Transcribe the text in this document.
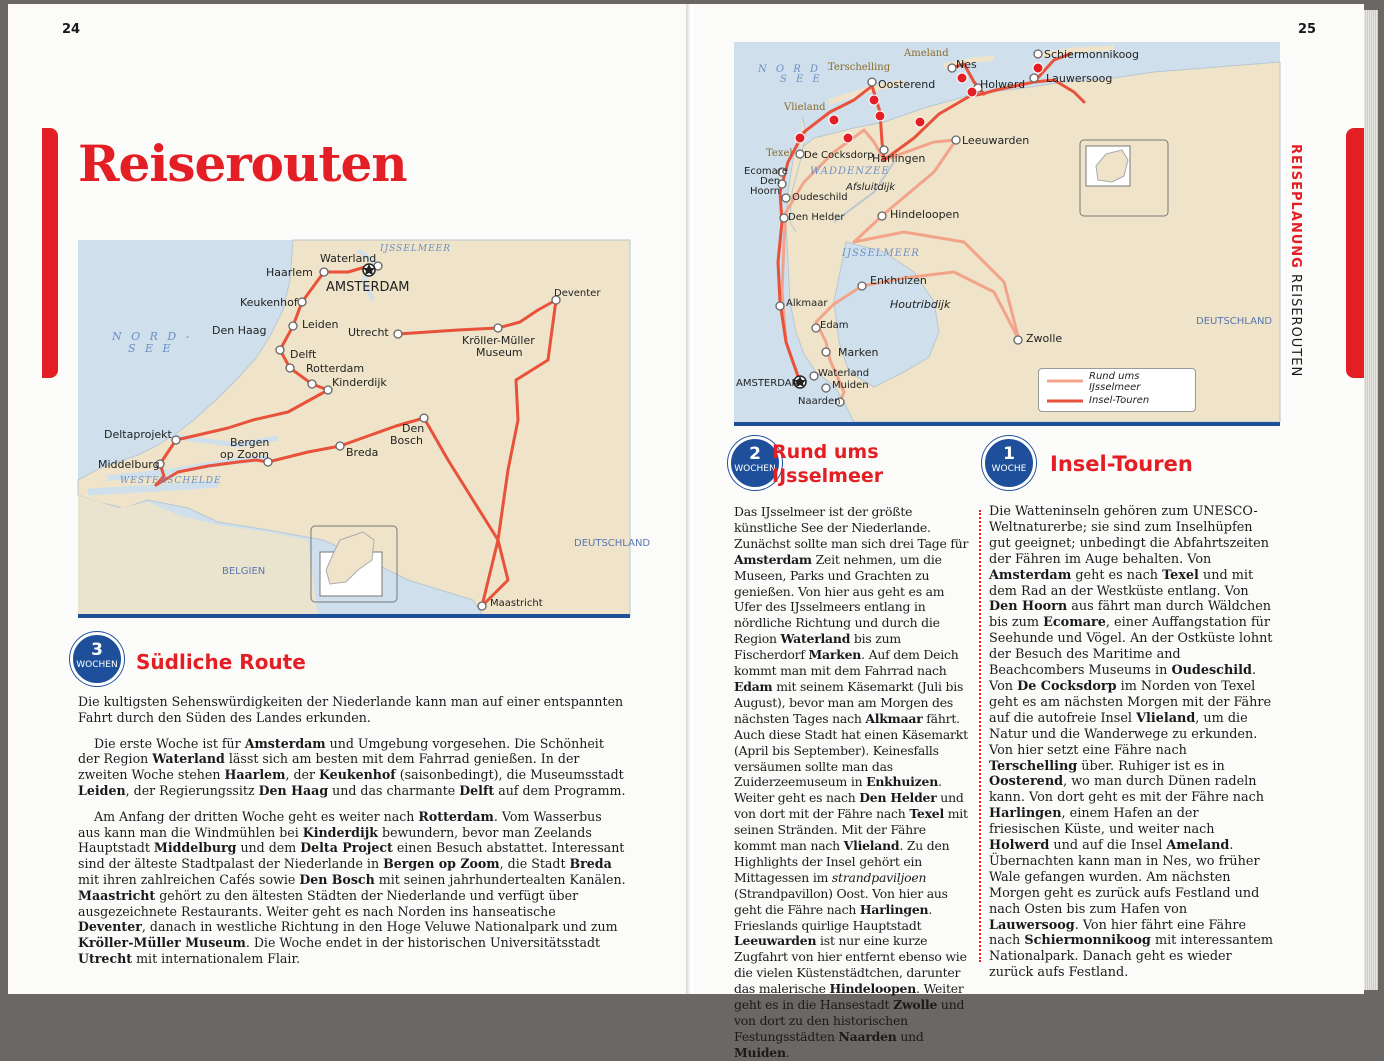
24
Reiserouten
Waterland
Haarlem
AMSTERDAM
Keukenhof
Den Haag	Leiden
Utrecht
Kröller-Müller
Museum
Deventer
Delft
Rotterdam
Kinderdijk
Deltaprojekt
Middelburg
Bergen
op Zoom	Breda
Den
Bosch
Maastricht
N O R D -
S E E
IJSSELMEER
WESTERSCHELDE
BELGIEN
DEUTSCHLAND
3
WOCHEN Südliche Route

Die kultigsten Sehenswürdigkeiten der Niederlande kann man auf einer entspannten Fahrt durch den Süden des Landes erkunden.

Die erste Woche ist für Amsterdam und Umgebung vorgesehen. Die Schönheit der Region Waterland lässt sich am besten mit dem Fahrrad genießen. In der zweiten Woche stehen Haarlem, der Keukenhof (saisonbedingt), die Museumsstadt Leiden, der Regierungssitz Den Haag und das charmante Delft auf dem Programm.

Am Anfang der dritten Woche geht es weiter nach Rotterdam. Vom Wasserbus aus kann man die Windmühlen bei Kinderdijk bewundern, bevor man Zeelands Hauptstadt Middelburg und dem Delta Project einen Besuch abstattet. Interessant sind der älteste Stadtpalast der Niederlande in Bergen op Zoom, die Stadt Breda mit ihren zahlreichen Cafés sowie Den Bosch mit seinen jahrhundertealten Kanälen. Maastricht gehört zu den ältesten Städten der Niederlande und verfügt über ausgezeichnete Restaurants. Weiter geht es nach Norden ins hanseatische Deventer, danach in westliche Richtung in den Hoge Veluwe Nationalpark und zum Kröller-Müller Museum. Die Woche endet in der historischen Universitätsstadt Utrecht mit internationalem Flair.

25
REISEPLANUNG REISEROUTEN
Schiermonnikoog
Ameland
Nes
Holwerd Lauwersoog
Terschelling
Oosterend
Vlieland
Texel De Cocksdorp
Harlingen
Leeuwarden
Ecomare
Den
Hoorn
Oudeschild
Afsluitdijk
Den Helder	Hindeloopen
Enkhuizen
Houtribdijk
Alkmaar
Edam
Marken
Zwolle
AMSTERDAM
Waterland
Muiden
Naarden
N O R D -
S E E
WADDENZEE
IJSSELMEER
DEUTSCHLAND
Rund ums
IJsselmeer
Insel-Touren
2
WOCHEN
Rund ums
IJsselmeer
1
WOCHE	Insel-Touren
Das IJsselmeer ist der größte künstliche See der Niederlande. Zunächst sollte man sich drei Tage für Amsterdam Zeit nehmen, um die Museen, Parks und Grachten zu genießen. Von hier aus geht es am Ufer des IJsselmeers entlang in nördliche Richtung und durch die Region Waterland bis zum Fischerdorf Marken. Auf dem Deich kommt man mit dem Fahrrad nach Edam mit seinem Käsemarkt (Juli bis August), bevor man am Morgen des nächsten Tages nach Alkmaar fährt. Auch diese Stadt hat einen Käsemarkt (April bis September). Keinesfalls versäumen sollte man das Zuiderzeemuseum in Enkhuizen. Weiter geht es nach Den Helder und von dort mit der Fähre nach Texel mit seinen Stränden. Mit der Fähre kommt man nach Vlieland. Zu den Highlights der Insel gehört ein Mittagessen im strandpaviljoen (Strandpavillon) Oost. Von hier aus geht die Fähre nach Harlingen. Frieslands quirlige Hauptstadt Leeuwarden ist nur eine kurze Zugfahrt von hier entfernt ebenso wie die vielen Küstenstädtchen, darunter das malerische Hindeloopen. Weiter geht es in die Hansestadt Zwolle und von dort zu den historischen Festungsstädten Naarden und Muiden.
Die Watteninseln gehören zum UNESCO-Weltnaturerbe; sie sind zum Inselhüpfen gut geeignet; unbedingt die Abfahrtszeiten der Fähren im Auge behalten. Von Amsterdam geht es nach Texel und mit dem Rad an der Westküste entlang. Von Den Hoorn aus fährt man durch Wäldchen bis zum Ecomare, einer Auffangstation für Seehunde und Vögel. An der Ostküste lohnt der Besuch des Maritime and Beachcombers Museums in Oudeschild. Von De Cocksdorp im Norden von Texel geht es am nächsten Morgen mit der Fähre auf die autofreie Insel Vlieland, um die Natur und die Wanderwege zu erkunden. Von hier setzt eine Fähre nach Terschelling über. Ruhiger ist es in Oosterend, wo man durch Dünen radeln kann. Von dort geht es mit der Fähre nach Harlingen, einem Hafen an der friesischen Küste, und weiter nach Holwerd und auf die Insel Ameland. Übernachten kann man in Nes, wo früher Wale gefangen wurden. Am nächsten Morgen geht es zurück aufs Festland und nach Osten bis zum Hafen von Lauwersoog. Von hier fährt eine Fähre nach Schiermonnikoog mit interessantem Nationalpark. Danach geht es wieder zurück aufs Festland.
